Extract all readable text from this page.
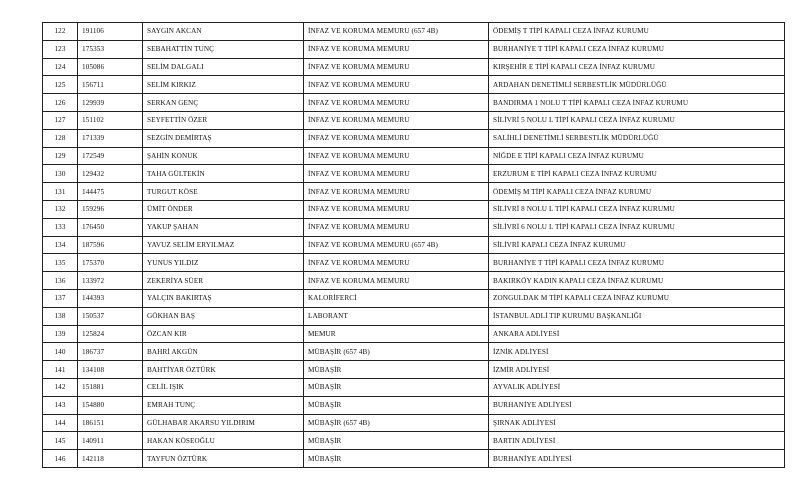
122	191106	SAYGIN AKCAN	İNFAZ VE KORUMA MEMURU (657 4B)	ÖDEMİŞ T TİPİ KAPALI CEZA İNFAZ KURUMU
123	175353	SEBAHATTİN TUNÇ	İNFAZ VE KORUMA MEMURU	BURHANİYE T TİPİ KAPALI CEZA İNFAZ KURUMU
124	105086	SELİM DALGALI	İNFAZ VE KORUMA MEMURU	KIRŞEHİR E TİPİ KAPALI CEZA İNFAZ KURUMU
125	156711	SELİM KIRKIZ	İNFAZ VE KORUMA MEMURU	ARDAHAN DENETİMLİ SERBESTLİK MÜDÜRLÜĞÜ
126	129939	SERKAN GENÇ	İNFAZ VE KORUMA MEMURU	BANDIRMA 1 NOLU T TİPİ KAPALI CEZA İNFAZ KURUMU
127	151102	SEYFETTİN ÖZER	İNFAZ VE KORUMA MEMURU	SİLİVRİ 5 NOLU L TİPİ KAPALI CEZA İNFAZ KURUMU
128	171339	SEZGİN DEMİRTAŞ	İNFAZ VE KORUMA MEMURU	SALİHLİ DENETİMLİ SERBESTLİK MÜDÜRLÜĞÜ
129	172549	ŞAHİN KONUK	İNFAZ VE KORUMA MEMURU	NİĞDE E TİPİ KAPALI CEZA İNFAZ KURUMU
130	129432	TAHA GÜLTEKİN	İNFAZ VE KORUMA MEMURU	ERZURUM E TİPİ KAPALI CEZA İNFAZ KURUMU
131	144475	TURGUT KÖSE	İNFAZ VE KORUMA MEMURU	ÖDEMİŞ M TİPİ KAPALI CEZA İNFAZ KURUMU
132	159296	ÜMİT ÖNDER	İNFAZ VE KORUMA MEMURU	SİLİVRİ 8 NOLU L TİPİ KAPALI CEZA İNFAZ KURUMU
133	176450	YAKUP ŞAHAN	İNFAZ VE KORUMA MEMURU	SİLİVRİ 6 NOLU L TİPİ KAPALI CEZA İNFAZ KURUMU
134	187596	YAVUZ SELİM ERYILMAZ	İNFAZ VE KORUMA MEMURU (657 4B)	SİLİVRİ KAPALI CEZA İNFAZ KURUMU
135	175370	YUNUS YILDIZ	İNFAZ VE KORUMA MEMURU	BURHANİYE T TİPİ KAPALI CEZA İNFAZ KURUMU
136	133972	ZEKERİYA SÜER	İNFAZ VE KORUMA MEMURU	BAKIRKÖY KADIN KAPALI CEZA İNFAZ KURUMU
137	144393	YALÇIN BAKIRTAŞ	KALORİFERCİ	ZONGULDAK M TİPİ KAPALI CEZA İNFAZ KURUMU
138	150537	GÖKHAN BAŞ	LABORANT	İSTANBUL ADLİ TIP KURUMU BAŞKANLIĞI
139	125824	ÖZCAN KIR	MEMUR	ANKARA ADLİYESİ
140	186737	BAHRİ AKGÜN	MÜBAŞİR (657 4B)	İZNİK ADLİYESİ
141	134108	BAHTİYAR ÖZTÜRK	MÜBAŞİR	İZMİR ADLİYESİ
142	151881	CELİL IŞIK	MÜBAŞİR	AYVALIK ADLİYESİ
143	154880	EMRAH TUNÇ	MÜBAŞİR	BURHANİYE ADLİYESİ
144	186151	GÜLHABAR AKARSU YILDIRIM	MÜBAŞİR (657 4B)	ŞIRNAK ADLİYESİ
145	140911	HAKAN KÖSEOĞLU	MÜBAŞİR	BARTIN ADLİYESİ
146	142118	TAYFUN ÖZTÜRK	MÜBAŞİR	BURHANİYE ADLİYESİ
